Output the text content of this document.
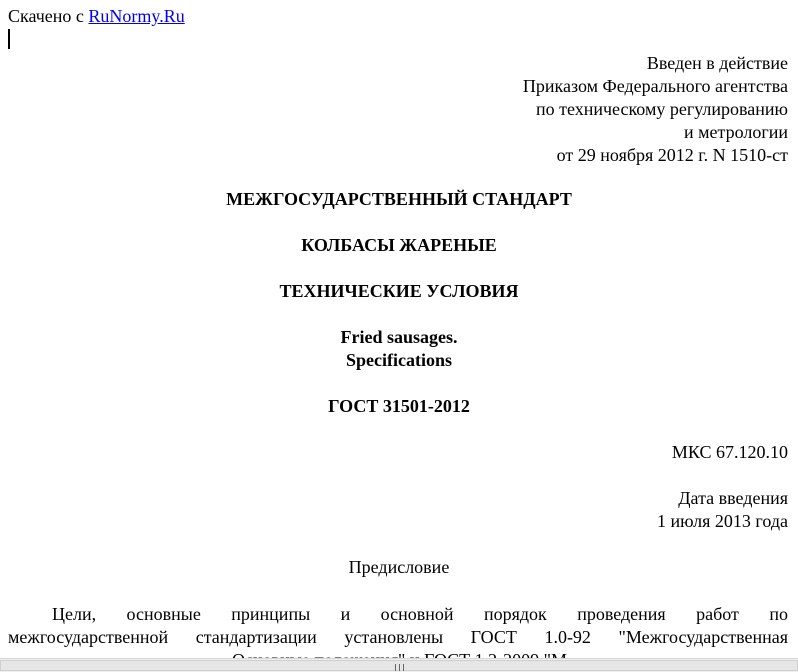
Скачено с RuNormy.Ru
Введен в действие
Приказом Федерального агентства
по техническому регулированию
и метрологии
от 29 ноября 2012 г. N 1510-ст
МЕЖГОСУДАРСТВЕННЫЙ СТАНДАРТ
КОЛБАСЫ ЖАРЕНЫЕ
ТЕХНИЧЕСКИЕ УСЛОВИЯ
Fried sausages.
Specifications
ГОСТ 31501-2012
МКС 67.120.10
Дата введения
1 июля 2013 года
Предисловие
Цели, основные принципы и основной порядок проведения работ по
межгосударственной стандартизации установлены ГОСТ 1.0-92 "Межгосударственная
